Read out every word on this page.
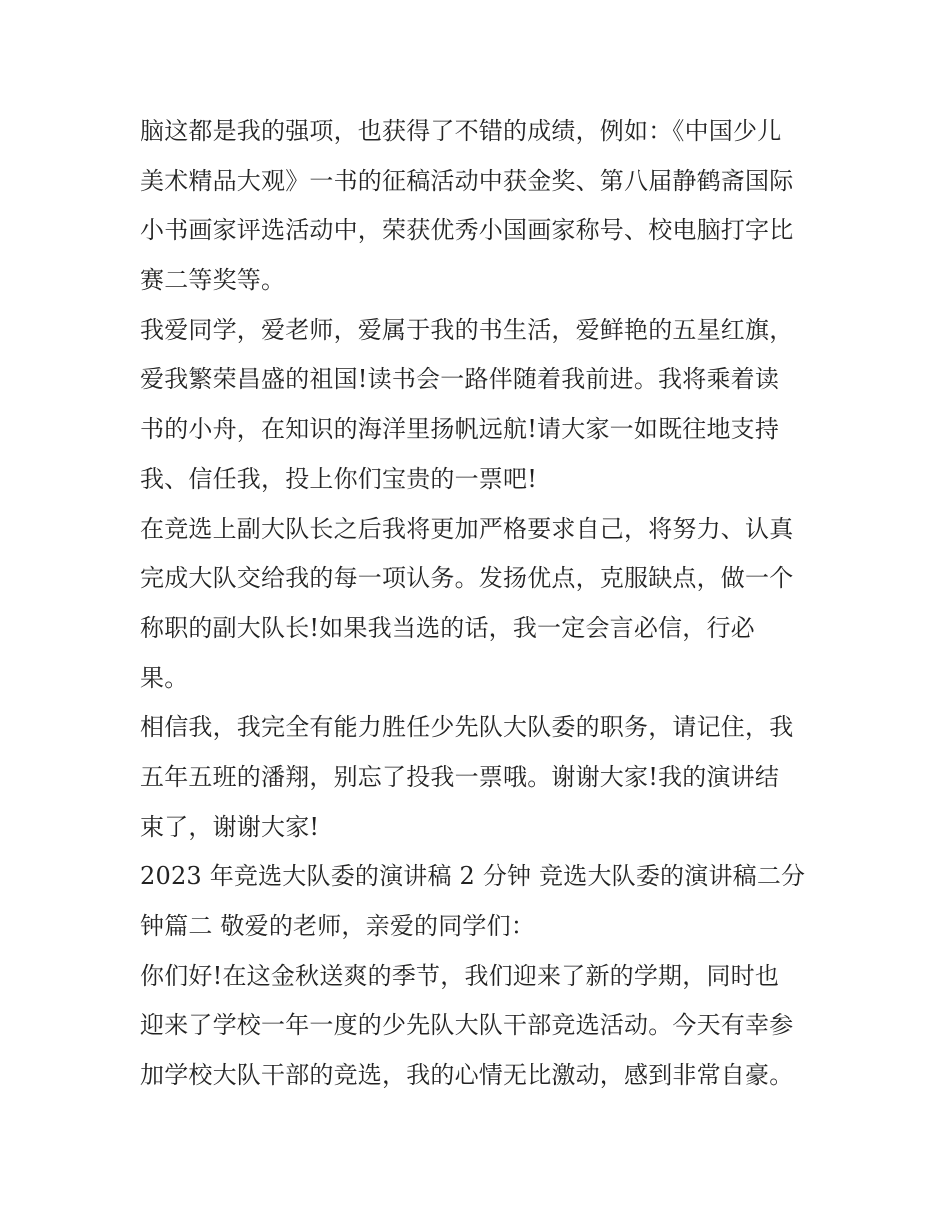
脑这都是我的强项，也获得了不错的成绩，例如：《中国少儿
美术精品大观》一书的征稿活动中获金奖、第八届静鹤斋国际
小书画家评选活动中，荣获优秀小国画家称号、校电脑打字比
赛二等奖等。
我爱同学，爱老师，爱属于我的书生活，爱鲜艳的五星红旗，
爱我繁荣昌盛的祖国!读书会一路伴随着我前进。我将乘着读
书的小舟，在知识的海洋里扬帆远航!请大家一如既往地支持
我、信任我，投上你们宝贵的一票吧!
在竞选上副大队长之后我将更加严格要求自己，将努力、认真
完成大队交给我的每一项认务。发扬优点，克服缺点，做一个
称职的副大队长!如果我当选的话，我一定会言必信，行必
果。
相信我，我完全有能力胜任少先队大队委的职务，请记住，我
五年五班的潘翔，别忘了投我一票哦。谢谢大家!我的演讲结
束了，谢谢大家!
2023 年竞选大队委的演讲稿 2 分钟 竞选大队委的演讲稿二分
钟篇二 敬爱的老师，亲爱的同学们：
你们好!在这金秋送爽的季节，我们迎来了新的学期，同时也
迎来了学校一年一度的少先队大队干部竞选活动。今天有幸参
加学校大队干部的竞选，我的心情无比激动，感到非常自豪。
